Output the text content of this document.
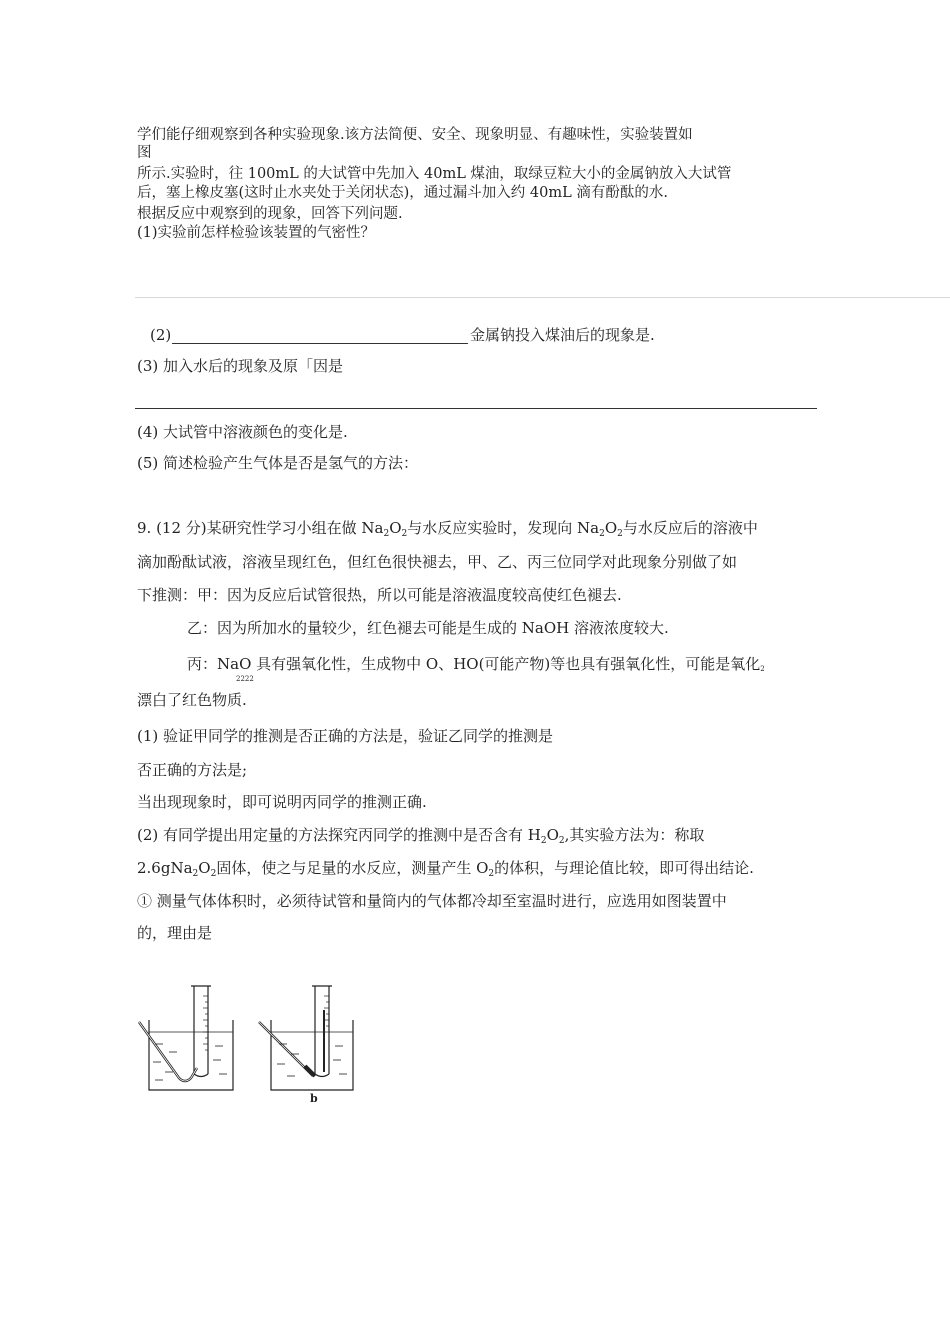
学们能仔细观察到各种实验现象.该方法简便、安全、现象明显、有趣味性，实验装置如
图
所示.实验时，往 100mL 的大试管中先加入 40mL 煤油，取绿豆粒大小的金属钠放入大试管
后，塞上橡皮塞(这时止水夹处于关闭状态)，通过漏斗加入约 40mL 滴有酚酞的水.
根据反应中观察到的现象，回答下列问题.
(1)实验前怎样检验该装置的气密性？
(2)	金属钠投入煤油后的现象是.
(3) 加入水后的现象及原「因是
(4) 大试管中溶液颜色的变化是.
(5) 简述检验产生气体是否是氢气的方法：
9. (12 分)某研究性学习小组在做 $Na_2O_2$与水反应实验时，发现向 $Na_2O_2$与水反应后的溶液中
滴加酚酞试液，溶液呈现红色，但红色很快褪去，甲、乙、丙三位同学对此现象分别做了如
下推测：甲：因为反应后试管很热，所以可能是溶液温度较高使红色褪去.
乙：因为所加水的量较少，红色褪去可能是生成的 NaOH 溶液浓度较大.
丙：NaO 具有强氧化性，生成物中 O、HO(可能产物)等也具有强氧化性，可能是氧化2
2222
漂白了红色物质.
(1) 验证甲同学的推测是否正确的方法是，验证乙同学的推测是
否正确的方法是;
当出现现象时，即可说明丙同学的推测正确.
(2) 有同学提出用定量的方法探究丙同学的推测中是否含有 $H_2O_2$,其实验方法为：称取
$2.6gNa_2O_2$固体，使之与足量的水反应，测量产生 $O_2$的体积，与理论值比较，即可得出结论.
① 测量气体体积时，必须待试管和量筒内的气体都冷却至室温时进行，应选用如图装置中
的，理由是
b
